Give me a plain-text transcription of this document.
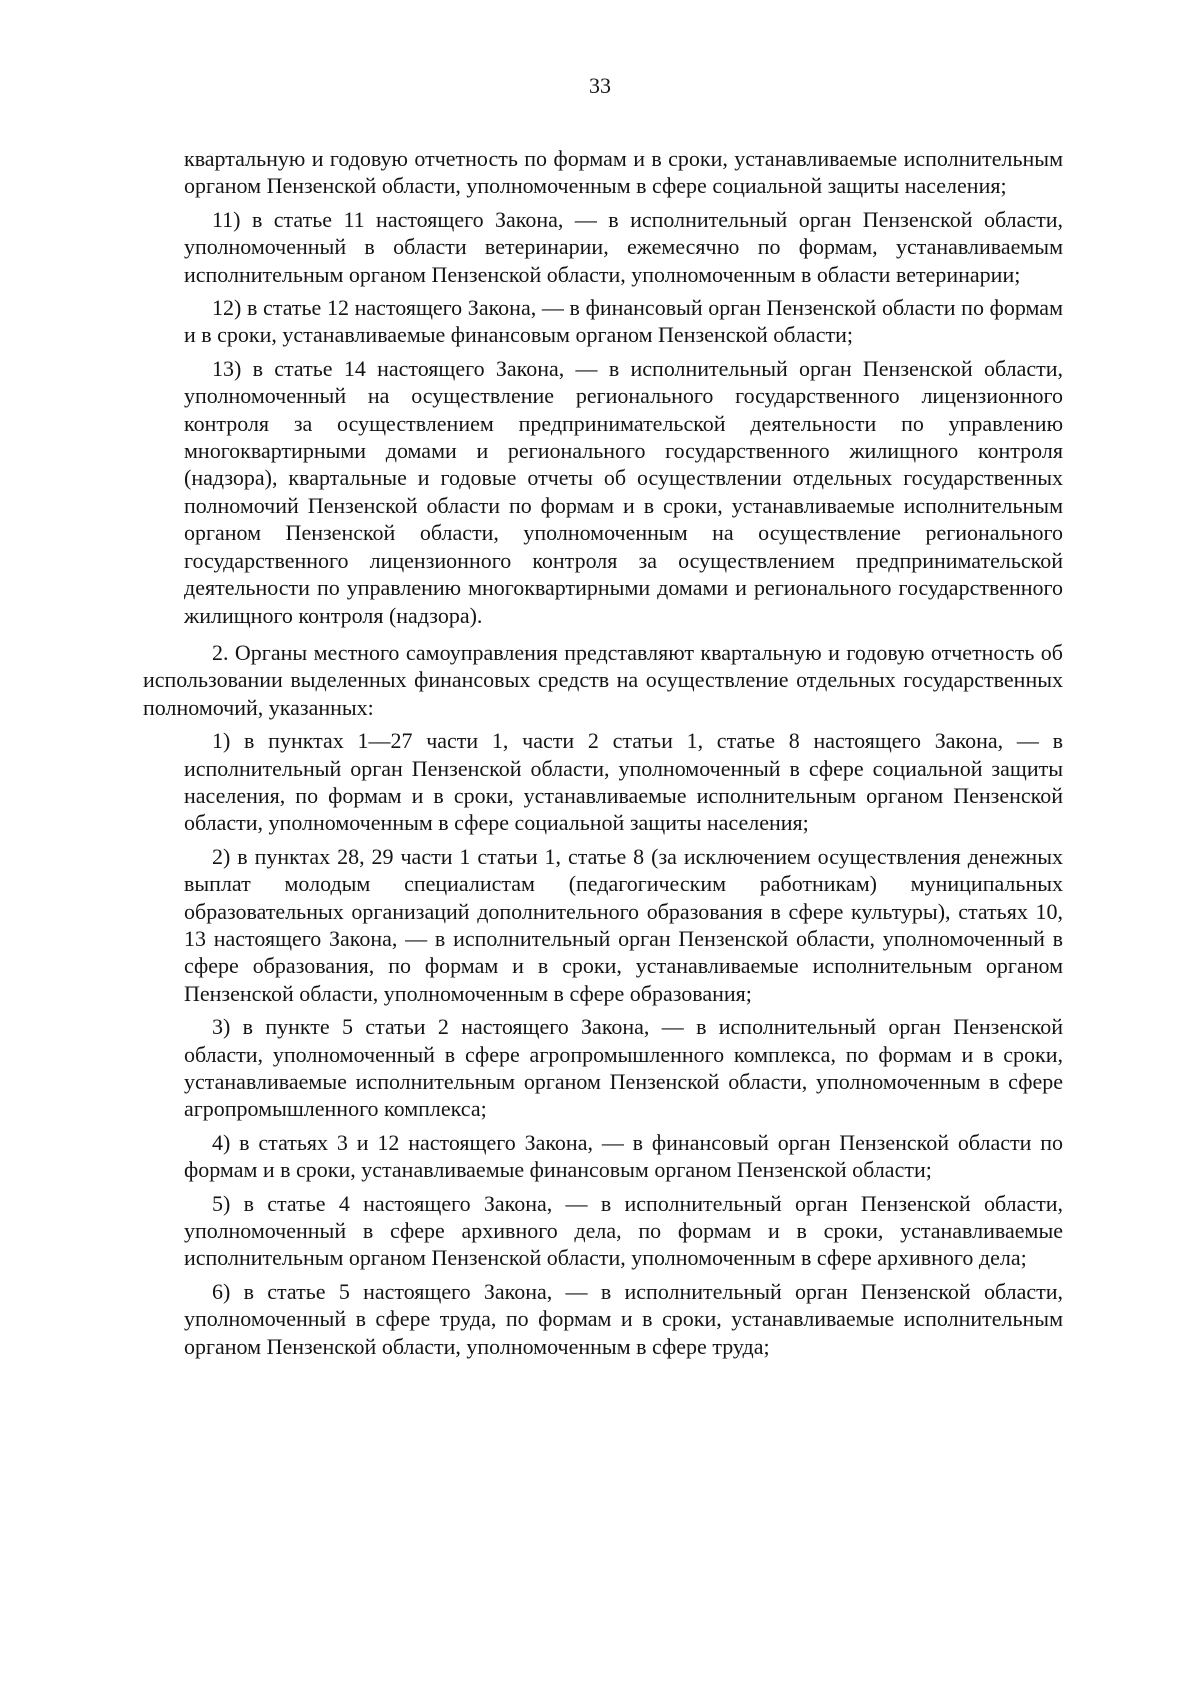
33

квартальную и годовую отчетность по формам и в сроки, устанавливаемые исполнительным органом Пензенской области, уполномоченным в сфере социальной защиты населения;

11) в статье 11 настоящего Закона, — в исполнительный орган Пензенской области, уполномоченный в области ветеринарии, ежемесячно по формам, устанавливаемым исполнительным органом Пензенской области, уполномоченным в области ветеринарии;

12) в статье 12 настоящего Закона, — в финансовый орган Пензенской области по формам и в сроки, устанавливаемые финансовым органом Пензенской области;

13) в статье 14 настоящего Закона, — в исполнительный орган Пензенской области, уполномоченный на осуществление регионального государственного лицензионного контроля за осуществлением предпринимательской деятельности по управлению многоквартирными домами и регионального государственного жилищного контроля (надзора), квартальные и годовые отчеты об осуществлении отдельных государственных полномочий Пензенской области по формам и в сроки, устанавливаемые исполнительным органом Пензенской области, уполномоченным на осуществление регионального государственного лицензионного контроля за осуществлением предпринимательской деятельности по управлению многоквартирными домами и регионального государственного жилищного контроля (надзора).

2. Органы местного самоуправления представляют квартальную и годовую отчетность об использовании выделенных финансовых средств на осуществление отдельных государственных полномочий, указанных:

1) в пунктах 1—27 части 1, части 2 статьи 1, статье 8 настоящего Закона, — в исполнительный орган Пензенской области, уполномоченный в сфере социальной защиты населения, по формам и в сроки, устанавливаемые исполнительным органом Пензенской области, уполномоченным в сфере социальной защиты населения;

2) в пунктах 28, 29 части 1 статьи 1, статье 8 (за исключением осуществления денежных выплат молодым специалистам (педагогическим работникам) муниципальных образовательных организаций дополнительного образования в сфере культуры), статьях 10, 13 настоящего Закона, — в исполнительный орган Пензенской области, уполномоченный в сфере образования, по формам и в сроки, устанавливаемые исполнительным органом Пензенской области, уполномоченным в сфере образования;

3) в пункте 5 статьи 2 настоящего Закона, — в исполнительный орган Пензенской области, уполномоченный в сфере агропромышленного комплекса, по формам и в сроки, устанавливаемые исполнительным органом Пензенской области, уполномоченным в сфере агропромышленного комплекса;

4) в статьях 3 и 12 настоящего Закона, — в финансовый орган Пензенской области по формам и в сроки, устанавливаемые финансовым органом Пензенской области;

5) в статье 4 настоящего Закона, — в исполнительный орган Пензенской области, уполномоченный в сфере архивного дела, по формам и в сроки, устанавливаемые исполнительным органом Пензенской области, уполномоченным в сфере архивного дела;

6) в статье 5 настоящего Закона, — в исполнительный орган Пензенской области, уполномоченный в сфере труда, по формам и в сроки, устанавливаемые исполнительным органом Пензенской области, уполномоченным в сфере труда;
